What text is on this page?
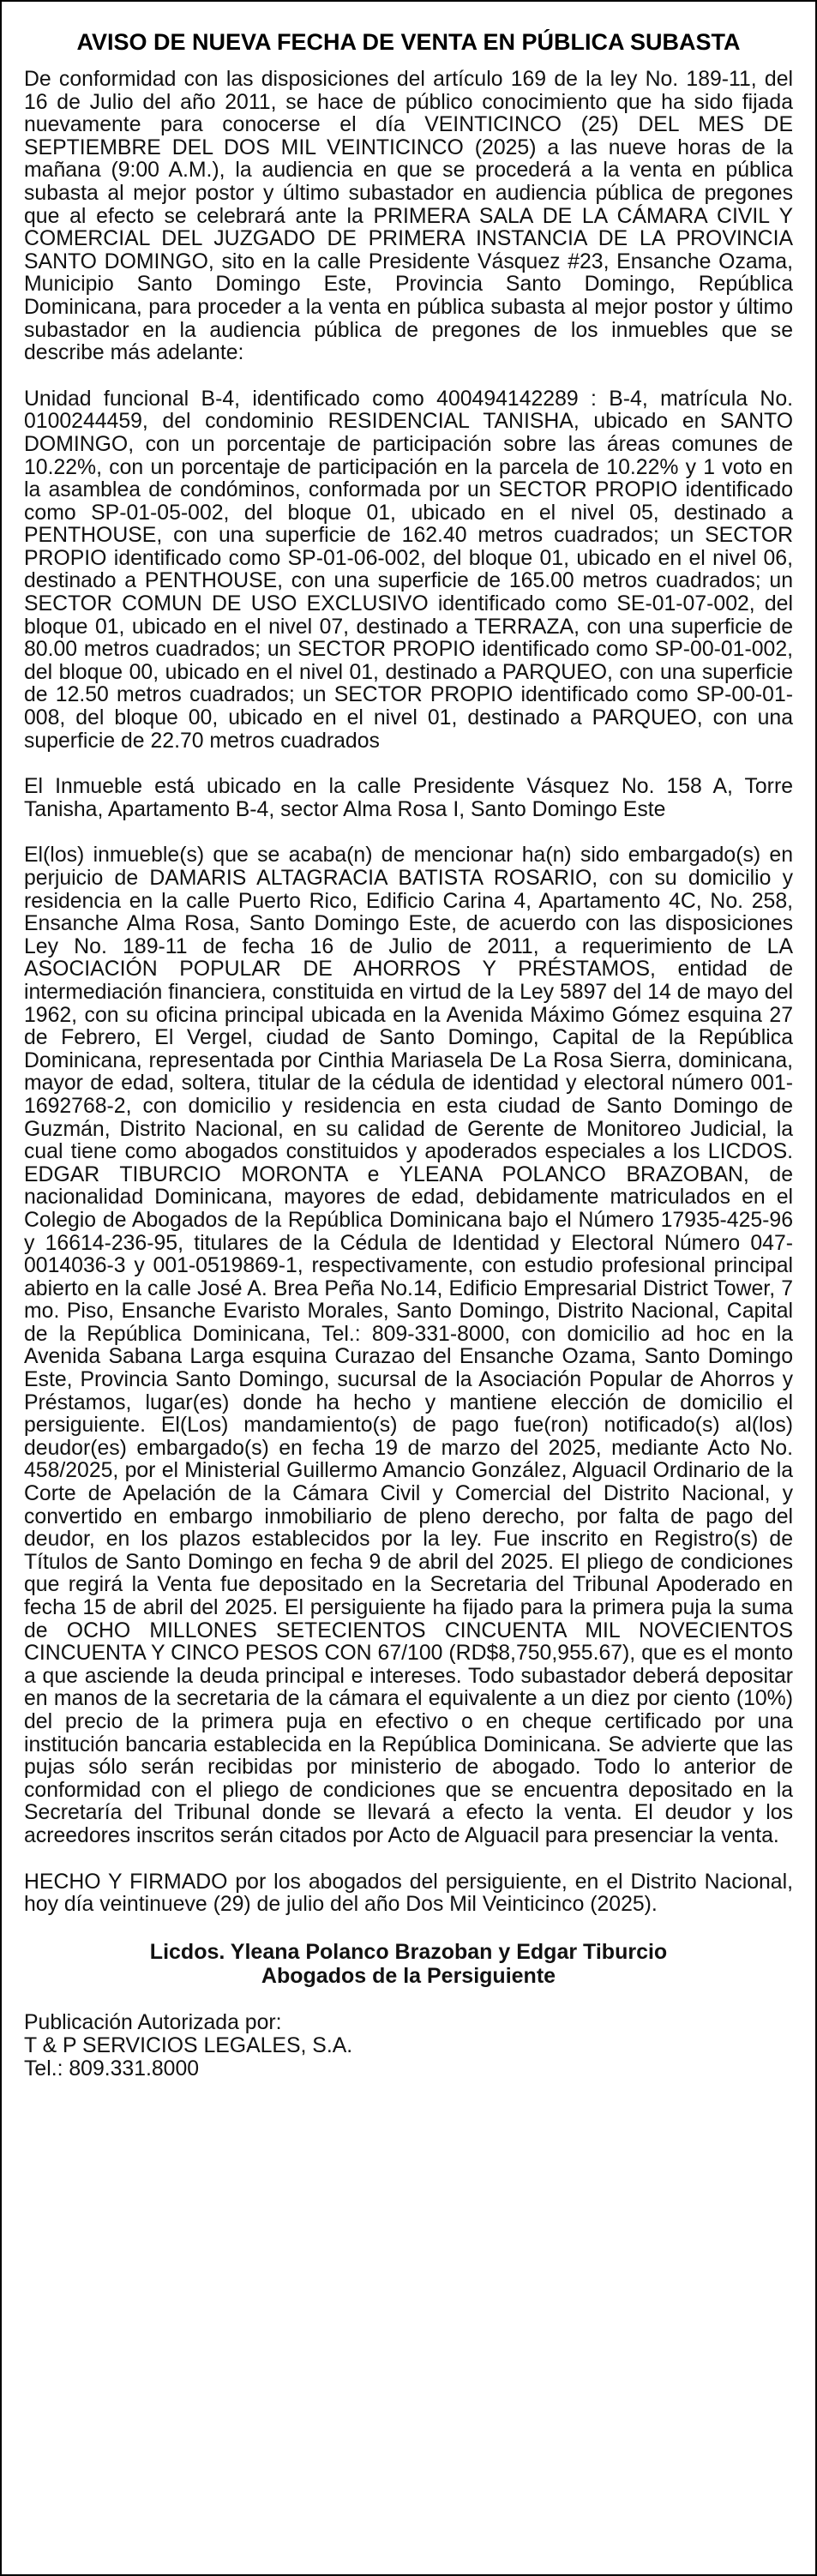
AVISO DE NUEVA FECHA DE VENTA EN PÚBLICA SUBASTA

De conformidad con las disposiciones del artículo 169 de la ley No. 189-11, del 16 de Julio del año 2011, se hace de público conocimiento que ha sido fijada nuevamente para conocerse el día VEINTICINCO (25) DEL MES DE SEPTIEMBRE DEL DOS MIL VEINTICINCO (2025) a las nueve horas de la mañana (9:00 A.M.), la audiencia en que se procederá a la venta en pública subasta al mejor postor y último subastador en audiencia pública de pregones que al efecto se celebrará ante la PRIMERA SALA DE LA CÁMARA CIVIL Y COMERCIAL DEL JUZGADO DE PRIMERA INSTANCIA DE LA PROVINCIA SANTO DOMINGO, sito en la calle Presidente Vásquez #23, Ensanche Ozama, Municipio Santo Domingo Este, Provincia Santo Domingo, República Dominicana, para proceder a la venta en pública subasta al mejor postor y último subastador en la audiencia pública de pregones de los inmuebles que se describe más adelante:

Unidad funcional B-4, identificado como 400494142289 : B-4, matrícula No. 0100244459, del condominio RESIDENCIAL TANISHA, ubicado en SANTO DOMINGO, con un porcentaje de participación sobre las áreas comunes de 10.22%, con un porcentaje de participación en la parcela de 10.22% y 1 voto en la asamblea de condóminos, conformada por un SECTOR PROPIO identificado como SP-01-05-002, del bloque 01, ubicado en el nivel 05, destinado a PENTHOUSE, con una superficie de 162.40 metros cuadrados; un SECTOR PROPIO identificado como SP-01-06-002, del bloque 01, ubicado en el nivel 06, destinado a PENTHOUSE, con una superficie de 165.00 metros cuadrados; un SECTOR COMUN DE USO EXCLUSIVO identificado como SE-01-07-002, del bloque 01, ubicado en el nivel 07, destinado a TERRAZA, con una superficie de 80.00 metros cuadrados; un SECTOR PROPIO identificado como SP-00-01-002, del bloque 00, ubicado en el nivel 01, destinado a PARQUEO, con una superficie de 12.50 metros cuadrados; un SECTOR PROPIO identificado como SP-00-01-008, del bloque 00, ubicado en el nivel 01, destinado a PARQUEO, con una superficie de 22.70 metros cuadrados

El Inmueble está ubicado en la calle Presidente Vásquez No. 158 A, Torre Tanisha, Apartamento B-4, sector Alma Rosa I, Santo Domingo Este

El(los) inmueble(s) que se acaba(n) de mencionar ha(n) sido embargado(s) en perjuicio de DAMARIS ALTAGRACIA BATISTA ROSARIO, con su domicilio y residencia en la calle Puerto Rico, Edificio Carina 4, Apartamento 4C, No. 258, Ensanche Alma Rosa, Santo Domingo Este, de acuerdo con las disposiciones Ley No. 189-11 de fecha 16 de Julio de 2011, a requerimiento de LA ASOCIACIÓN POPULAR DE AHORROS Y PRÉSTAMOS, entidad de intermediación financiera, constituida en virtud de la Ley 5897 del 14 de mayo del 1962, con su oficina principal ubicada en la Avenida Máximo Gómez esquina 27 de Febrero, El Vergel, ciudad de Santo Domingo, Capital de la República Dominicana, representada por Cinthia Mariasela De La Rosa Sierra, dominicana, mayor de edad, soltera, titular de la cédula de identidad y electoral número 001-1692768-2, con domicilio y residencia en esta ciudad de Santo Domingo de Guzmán, Distrito Nacional, en su calidad de Gerente de Monitoreo Judicial, la cual tiene como abogados constituidos y apoderados especiales a los LICDOS. EDGAR TIBURCIO MORONTA e YLEANA POLANCO BRAZOBAN, de nacionalidad Dominicana, mayores de edad, debidamente matriculados en el Colegio de Abogados de la República Dominicana bajo el Número 17935-425-96 y 16614-236-95, titulares de la Cédula de Identidad y Electoral Número 047-0014036-3 y 001-0519869-1, respectivamente, con estudio profesional principal abierto en la calle José A. Brea Peña No.14, Edificio Empresarial District Tower, 7 mo. Piso, Ensanche Evaristo Morales, Santo Domingo, Distrito Nacional, Capital de la República Dominicana, Tel.: 809-331-8000, con domicilio ad hoc en la Avenida Sabana Larga esquina Curazao del Ensanche Ozama, Santo Domingo Este, Provincia Santo Domingo, sucursal de la Asociación Popular de Ahorros y Préstamos, lugar(es) donde ha hecho y mantiene elección de domicilio el persiguiente. El(Los) mandamiento(s) de pago fue(ron) notificado(s) al(los) deudor(es) embargado(s) en fecha 19 de marzo del 2025, mediante Acto No. 458/2025, por el Ministerial Guillermo Amancio González, Alguacil Ordinario de la Corte de Apelación de la Cámara Civil y Comercial del Distrito Nacional, y convertido en embargo inmobiliario de pleno derecho, por falta de pago del deudor, en los plazos establecidos por la ley. Fue inscrito en Registro(s) de Títulos de Santo Domingo en fecha 9 de abril del 2025. El pliego de condiciones que regirá la Venta fue depositado en la Secretaria del Tribunal Apoderado en fecha 15 de abril del 2025. El persiguiente ha fijado para la primera puja la suma de OCHO MILLONES SETECIENTOS CINCUENTA MIL NOVECIENTOS CINCUENTA Y CINCO PESOS CON 67/100 (RD$8,750,955.67), que es el monto a que asciende la deuda principal e intereses. Todo subastador deberá depositar en manos de la secretaria de la cámara el equivalente a un diez por ciento (10%) del precio de la primera puja en efectivo o en cheque certificado por una institución bancaria establecida en la República Dominicana. Se advierte que las pujas sólo serán recibidas por ministerio de abogado. Todo lo anterior de conformidad con el pliego de condiciones que se encuentra depositado en la Secretaría del Tribunal donde se llevará a efecto la venta. El deudor y los acreedores inscritos serán citados por Acto de Alguacil para presenciar la venta.

HECHO Y FIRMADO por los abogados del persiguiente, en el Distrito Nacional, hoy día veintinueve (29) de julio del año Dos Mil Veinticinco (2025).

Licdos. Yleana Polanco Brazoban y Edgar Tiburcio
Abogados de la Persiguiente
Publicación Autorizada por:
T & P SERVICIOS LEGALES, S.A.
Tel.: 809.331.8000
